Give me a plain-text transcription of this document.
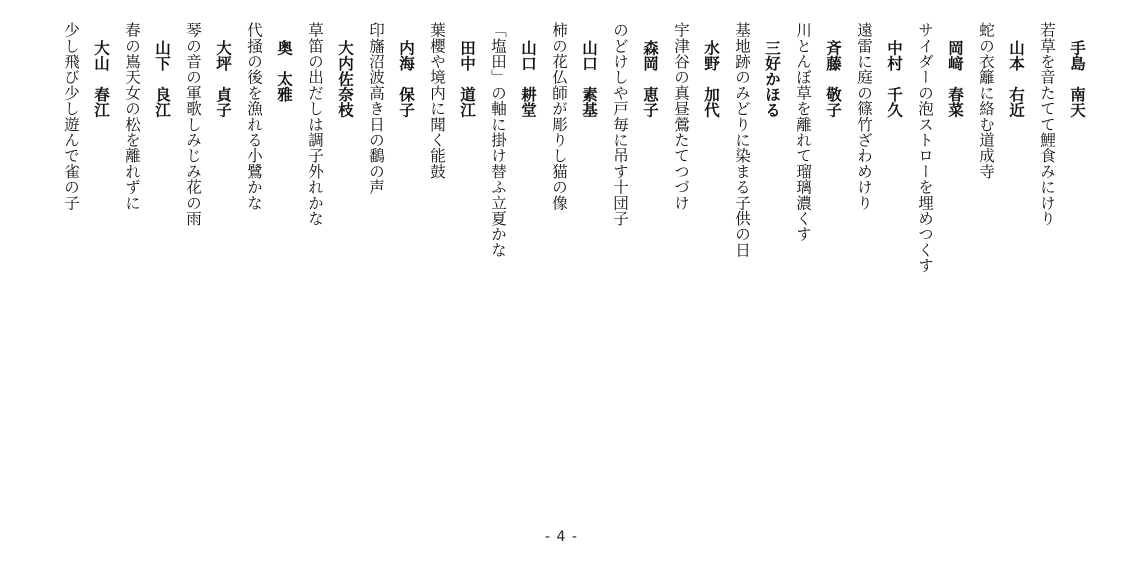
手島　南天
若草を音たてて鯉食みにけり
山本　右近
蛇の衣籬に絡む道成寺
岡﨑　春菜
サイダーの泡ストローを埋めつくす
中村　千久
遠雷に庭の篠竹ざわめけり
斉藤　敬子
川とんぼ草を離れて瑠璃濃くす
三好かほる
基地跡のみどりに染まる子供の日
水野　加代
宇津谷の真昼鶯たてつづけ
森岡　恵子
のどけしや戸毎に吊す十団子
山口　素基
柿の花仏師が彫りし猫の像
山口　耕堂
「塩田」の軸に掛け替ふ立夏かな
田中　道江
葉櫻や境内に聞く能鼓
内海　保子
印旛沼波高き日の鷭の声
大内佐奈枝
草笛の出だしは調子外れかな
奥　太雅
代掻の後を漁れる小鷺かな
大坪　貞子
琴の音の軍歌しみじみ花の雨
山下　良江
春の嶌天女の松を離れずに
大山　春江
少し飛び少し遊んで雀の子
- 4 -
